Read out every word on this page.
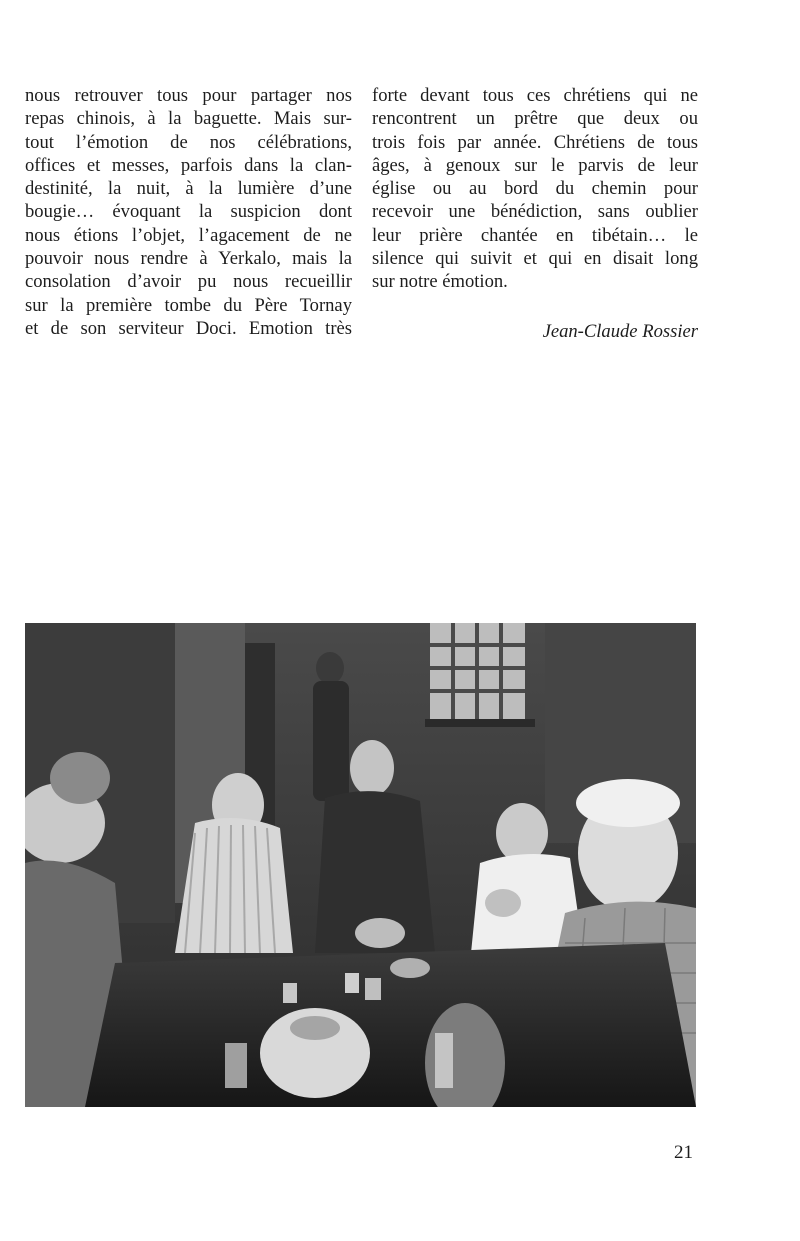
nous retrouver tous pour partager nos
repas chinois, à la baguette. Mais sur-
tout l’émotion de nos célébrations,
offices et messes, parfois dans la clan-
destinité, la nuit, à la lumière d’une
bougie… évoquant la suspicion dont
nous étions l’objet, l’agacement de ne
pouvoir nous rendre à Yerkalo, mais la
consolation d’avoir pu nous recueillir
sur la première tombe du Père Tornay
et de son serviteur Doci. Emotion très
forte devant tous ces chrétiens qui ne
rencontrent un prêtre que deux ou
trois fois par année. Chrétiens de tous
âges, à genoux sur le parvis de leur
église ou au bord du chemin pour
recevoir une bénédiction, sans oublier
leur prière chantée en tibétain… le
silence qui suivit et qui en disait long
sur notre émotion.
Jean-Claude Rossier
21
